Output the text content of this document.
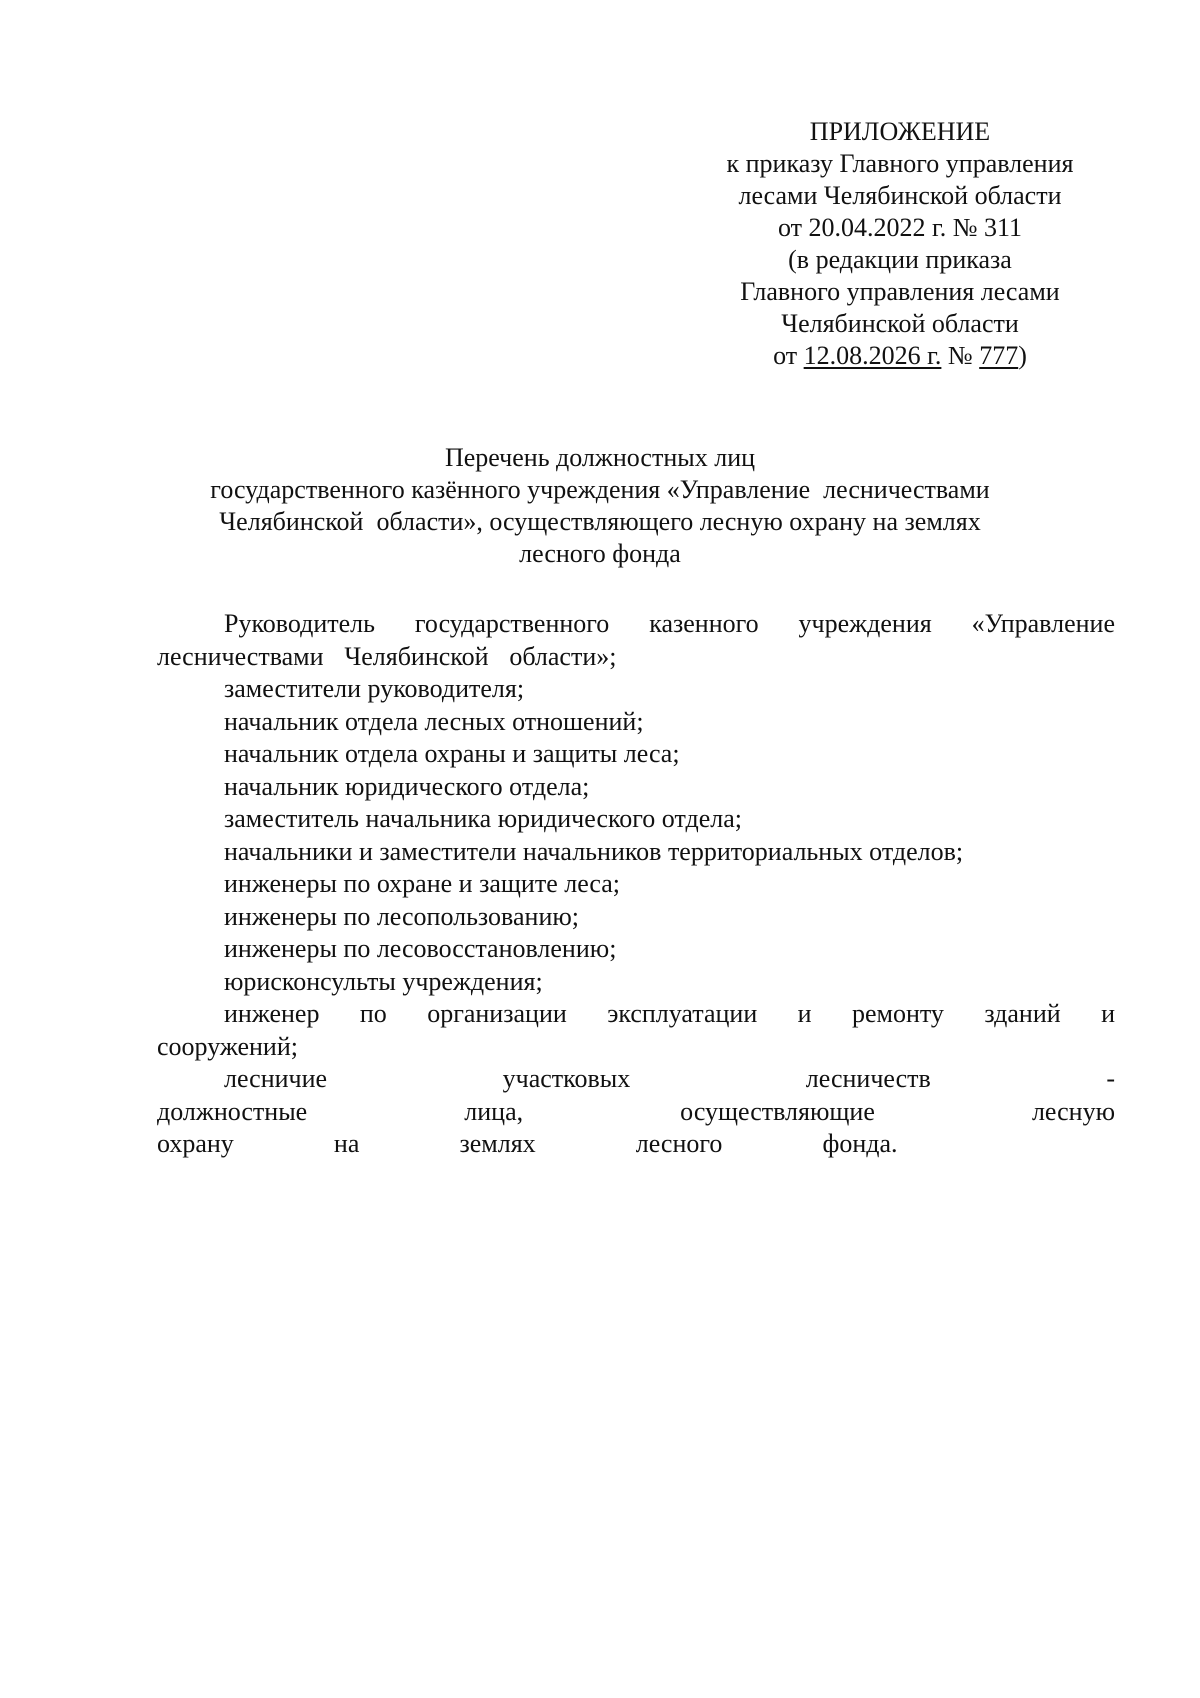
ПРИЛОЖЕНИЕ
к приказу Главного управления
лесами Челябинской области
от 20.04.2022 г. № 311
(в редакции приказа
Главного управления лесами
Челябинской области
от 12.08.2026 г. № 777)
Перечень должностных лиц
государственного казённого учреждения «Управление  лесничествами
Челябинской  области», осуществляющего лесную охрану на землях
лесного фонда
Руководитель государственного казенного учреждения «Управление лесничествами Челябинской области»;
заместители руководителя;
начальник отдела лесных отношений;
начальник отдела охраны и защиты леса;
начальник юридического отдела;
заместитель начальника юридического отдела;
начальники и заместители начальников территориальных отделов;
инженеры по охране и защите леса;
инженеры по лесопользованию;
инженеры по лесовосстановлению;
юрисконсульты учреждения;
инженер по организации эксплуатации и ремонту зданий и сооружений;
лесничие участковых лесничеств - должностные лица, осуществляющие лесную охрану на землях лесного фонда.
